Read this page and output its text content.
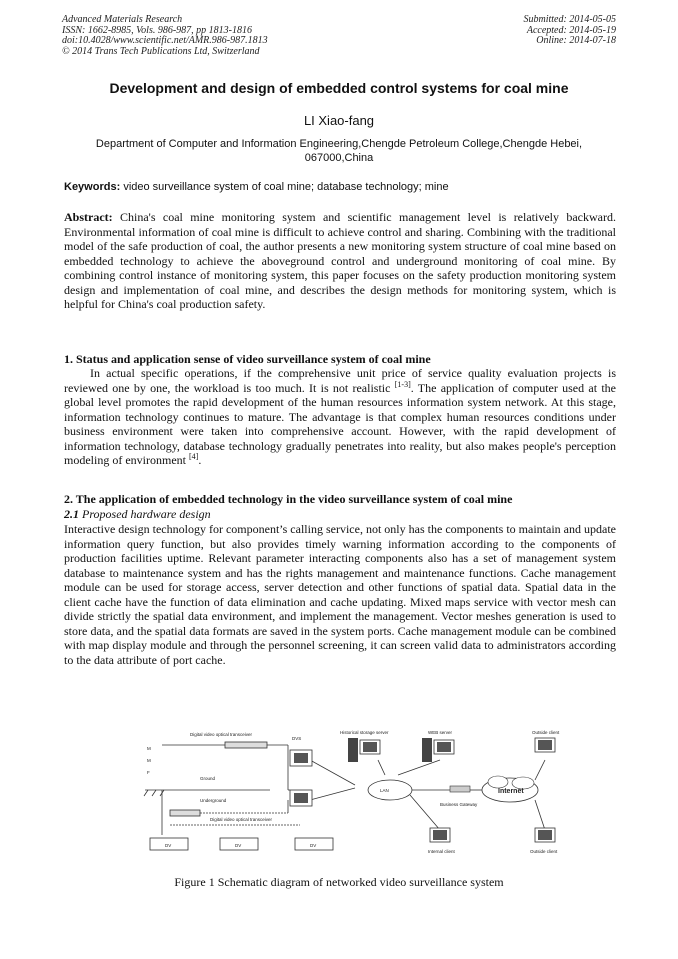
Advanced Materials Research
ISSN: 1662-8985, Vols. 986-987, pp 1813-1816
doi:10.4028/www.scientific.net/AMR.986-987.1813
© 2014 Trans Tech Publications Ltd, Switzerland
Submitted: 2014-05-05
Accepted: 2014-05-19
Online: 2014-07-18
Development and design of embedded control systems for coal mine
LI Xiao-fang
Department of Computer and Information Engineering,Chengde Petroleum College,Chengde Hebei, 067000,China
Keywords: video surveillance system of coal mine; database technology; mine
Abstract: China's coal mine monitoring system and scientific management level is relatively backward. Environmental information of coal mine is difficult to achieve control and sharing. Combining with the traditional model of the safe production of coal, the author presents a new monitoring system structure of coal mine based on embedded technology to achieve the aboveground control and underground monitoring of coal mine. By combining control instance of monitoring system, this paper focuses on the safety production monitoring system design and implementation of coal mine, and describes the design methods for monitoring system, which is helpful for China's coal production safety.
1. Status and application sense of video surveillance system of coal mine
In actual specific operations, if the comprehensive unit price of service quality evaluation projects is reviewed one by one, the workload is too much. It is not realistic [1-3]. The application of computer used at the global level promotes the rapid development of the human resources information system network. At this stage, information technology continues to mature. The advantage is that complex human resources conditions under business environment were taken into comprehensive account. However, with the rapid development of information technology, database technology gradually penetrates into reality, but also makes people's perception modeling of environment [4].
2. The application of embedded technology in the video surveillance system of coal mine
2.1 Proposed hardware design
Interactive design technology for component’s calling service, not only has the components to maintain and update information query function, but also provides timely warning information according to the components of production facilities uptime. Relevant parameter interacting components also has a set of management system database to maintenance system and has the rights management and maintenance functions. Cache management module can be used for storage access, server detection and other functions of spatial data. Spatial data in the client cache have the function of data elimination and cache updating. Mixed maps service with vector mesh can divide strictly the spatial data environment, and implement the management. Vector meshes generation is used to store data, and the spatial data formats are saved in the system ports. Cache management module can be combined with map display module and through the personnel screening, it can screen valid data to administrators according to the data attribute of port cache.
Digital video optical transceiver
DVS
Historical storage server	WEB server	Outside client
M
M
F
Ground
Underground
LAN	Internet
Business Gateway
Digital video optical transceiver
DV	DV	DV
Internal client	Outside client
Figure 1 Schematic diagram of networked video surveillance system
